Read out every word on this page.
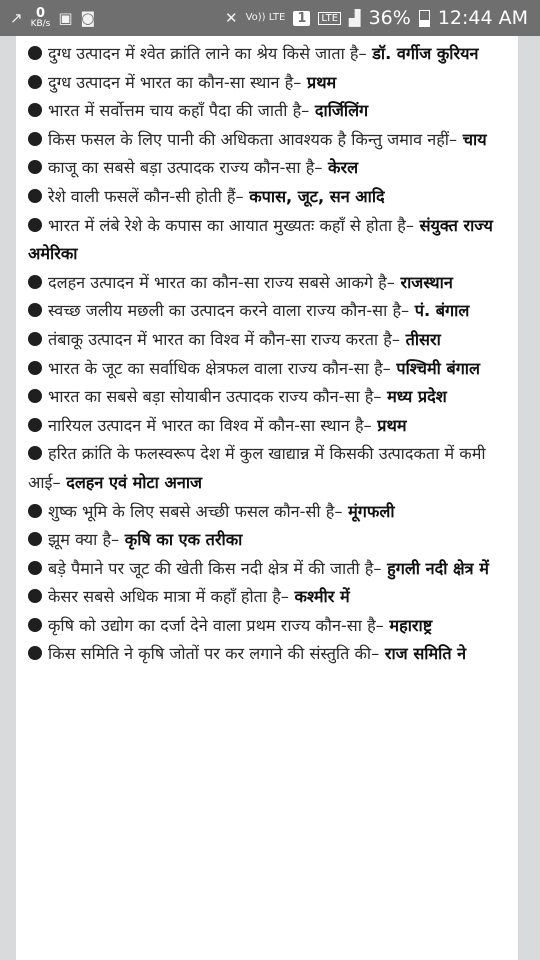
↗ 0
KB/s ▣ ◙	✕ Vo)) LTE 1	LTE ▟ 36% 12:44 AM

दुग्ध उत्पादन में श्वेत क्रांति लाने का श्रेय किसे जाता है– डॉ. वर्गीज कुरियन

दुग्ध उत्पादन में भारत का कौन-सा स्थान है– प्रथम

भारत में सर्वोत्तम चाय कहाँ पैदा की जाती है– दार्जिलिंग

किस फसल के लिए पानी की अधिकता आवश्यक है किन्तु जमाव नहीं– चाय

काजू का सबसे बड़ा उत्पादक राज्य कौन-सा है– केरल

रेशे वाली फसलें कौन-सी होती हैं– कपास, जूट, सन आदि

भारत में लंबे रेशे के कपास का आयात मुख्यतः कहाँ से होता है– संयुक्त राज्य अमेरिका

दलहन उत्पादन में भारत का कौन-सा राज्य सबसे आकगे है– राजस्थान

स्वच्छ जलीय मछली का उत्पादन करने वाला राज्य कौन-सा है– पं. बंगाल

तंबाकू उत्पादन में भारत का विश्व में कौन-सा राज्य करता है– तीसरा

भारत के जूट का सर्वाधिक क्षेत्रफल वाला राज्य कौन-सा है– पश्चिमी बंगाल

भारत का सबसे बड़ा सोयाबीन उत्पादक राज्य कौन-सा है– मध्य प्रदेश

नारियल उत्पादन में भारत का विश्व में कौन-सा स्थान है– प्रथम

हरित क्रांति के फलस्वरूप देश में कुल खाद्यान्न में किसकी उत्पादकता में कमी आई– दलहन एवं मोटा अनाज

शुष्क भूमि के लिए सबसे अच्छी फसल कौन-सी है– मूंगफली

झूम क्या है– कृषि का एक तरीका

बड़े पैमाने पर जूट की खेती किस नदी क्षेत्र में की जाती है– हुगली नदी क्षेत्र में

केसर सबसे अधिक मात्रा में कहाँ होता है– कश्मीर में

कृषि को उद्योग का दर्जा देने वाला प्रथम राज्य कौन-सा है– महाराष्ट्र

किस समिति ने कृषि जोतों पर कर लगाने की संस्तुति की– राज समिति ने
